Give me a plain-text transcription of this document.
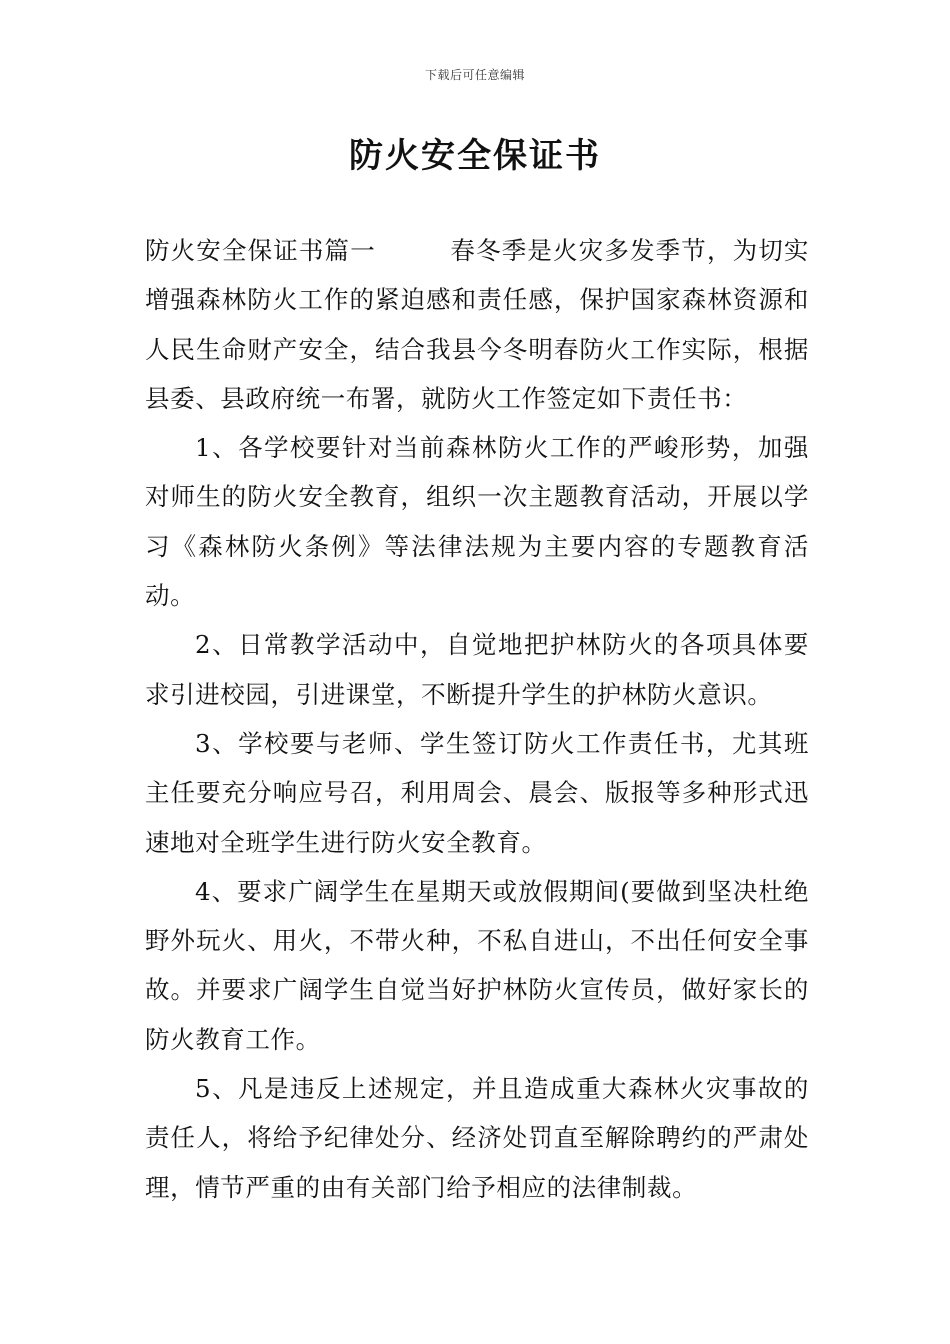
下载后可任意编辑
防火安全保证书

防火安全保证书篇一	春冬季是火灾多发季节，为切实增强森林防火工作的紧迫感和责任感，保护国家森林资源和人民生命财产安全，结合我县今冬明春防火工作实际，根据县委、县政府统一布署，就防火工作签定如下责任书：

1、各学校要针对当前森林防火工作的严峻形势，加强对师生的防火安全教育，组织一次主题教育活动，开展以学习《森林防火条例》等法律法规为主要内容的专题教育活动。

2、日常教学活动中，自觉地把护林防火的各项具体要求引进校园，引进课堂，不断提升学生的护林防火意识。

3、学校要与老师、学生签订防火工作责任书，尤其班主任要充分响应号召，利用周会、晨会、版报等多种形式迅速地对全班学生进行防火安全教育。

4、要求广阔学生在星期天或放假期间(要做到坚决杜绝野外玩火、用火，不带火种，不私自进山，不出任何安全事故。并要求广阔学生自觉当好护林防火宣传员，做好家长的防火教育工作。

5、凡是违反上述规定，并且造成重大森林火灾事故的责任人，将给予纪律处分、经济处罚直至解除聘约的严肃处理，情节严重的由有关部门给予相应的法律制裁。
